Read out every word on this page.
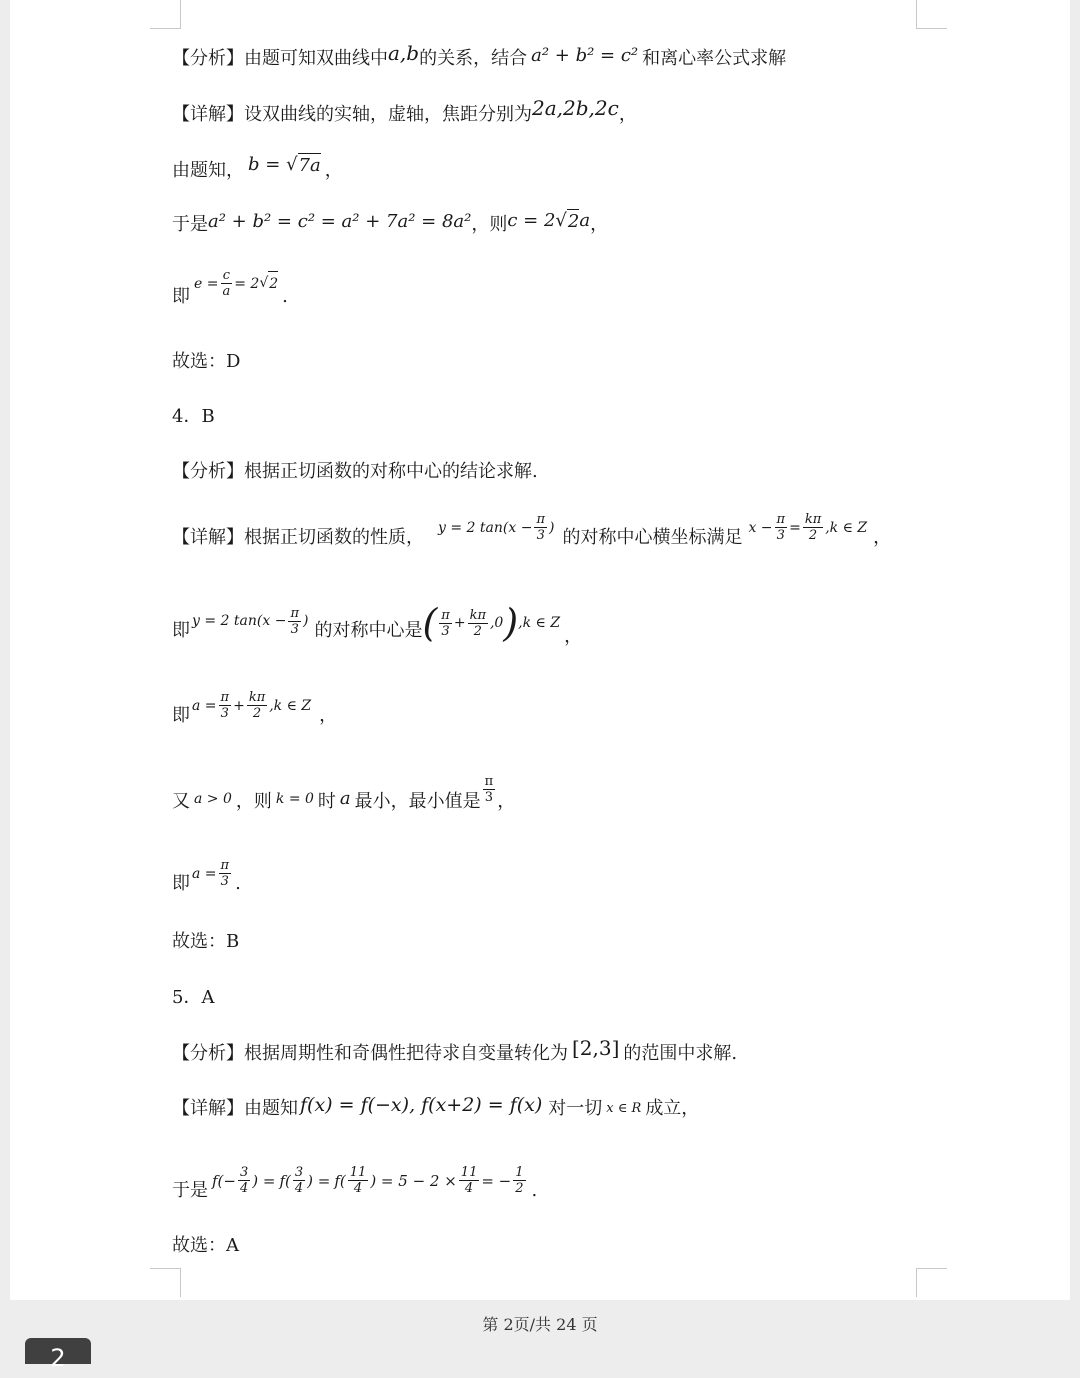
【分析】由题可知双曲线中 a,b 的关系，结合 a² + b² = c² 和离心率公式求解
【详解】设双曲线的实轴，虚轴，焦距分别为 2a,2b,2c ，
由题知， b = √ 7a ，
于是 a² + b² = c² = a² + 7a² = 8a² ，则 c = 2√ 2 a ，
即
$e = \frac{c}{a} = 2$ √ 2
.
故选：D
4．B
【分析】根据正切函数的对称中心的结论求解.
【详解】根据正切函数的性质， y = 2 $\tan(x - \frac{\pi}{3}$ ) 的对称中心横坐标满足 $x - \frac{\pi}{3} = \frac{k\pi}{2} ,k$ ∈ Z ，
即 y = 2 $\tan(x - \frac{\pi}{3}$ ) 的对称中心是 ( $\frac{\pi}{3} + \frac{k\pi}{2} ,0$ ) ,k ∈ Z
，
即 $a = \frac{\pi}{3} + \frac{k\pi}{2} ,k$ ∈ Z ，
又 a > 0 ，则 k = 0 时 a 最小，最小值是 $\frac{\pi}{3}$ ，
即 $a = \frac{\pi}{3}$ .
故选：B
5．A
【分析】根据周期性和奇偶性把待求自变量转化为 [2,3] 的范围中求解.
【详解】由题知 f(x) = f(−x), f(x+2) = f(x) 对一切 x ∈ R 成立，
于是 $f(- \frac{3}{4}$ ) = $f( \frac{3}{4}$ ) = $f( \frac{11}{4}$ ) = $5 - 2 \times \frac{11}{4}$ = − $\frac{1}{2}$ .
故选：A
第 2页/共 24 页
2
